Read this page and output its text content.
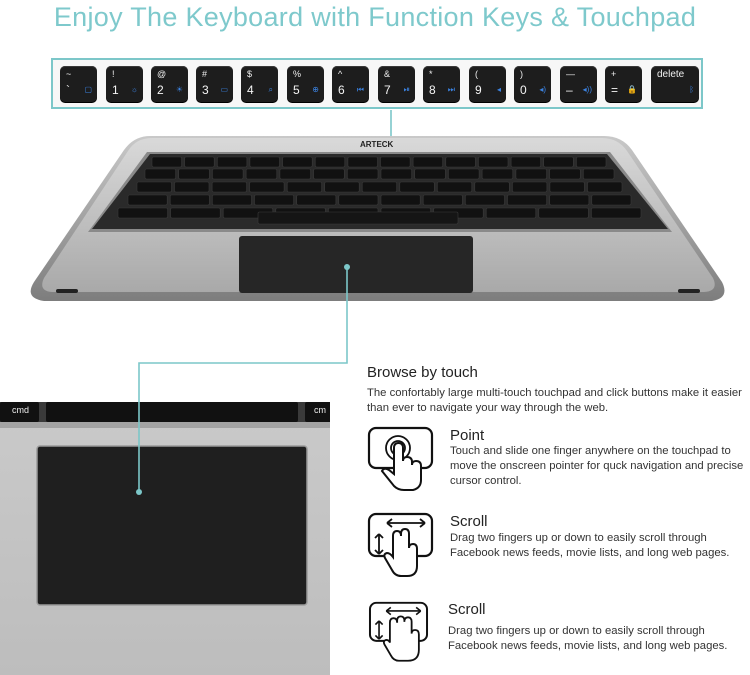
Enjoy The Keyboard with Function Keys & Touchpad
~
` ▢
!
1 ☼
@
2 ☀
#
3 ▭
$
4 ⌕
%
5 ⊕
^
6 ⏮
&
7 ⏯
*
8 ⏭
(
9 ◂
)
0 ◂)
—
– ◂))
+
= 🔒
delete
ᛒ
ARTECK
cmd	cm
Browse by touch
The confortably large multi-touch touchpad and click buttons make it easier than ever to navigate your way through the web.
Point
Touch and slide one finger anywhere on the touchpad to move the onscreen pointer for quck navigation and precise cursor control.
Scroll
Drag two fingers up or down to easily scroll through Facebook news feeds, movie lists, and long web pages.
Scroll
Drag two fingers up or down to easily scroll through Facebook news feeds, movie lists, and long web pages.
